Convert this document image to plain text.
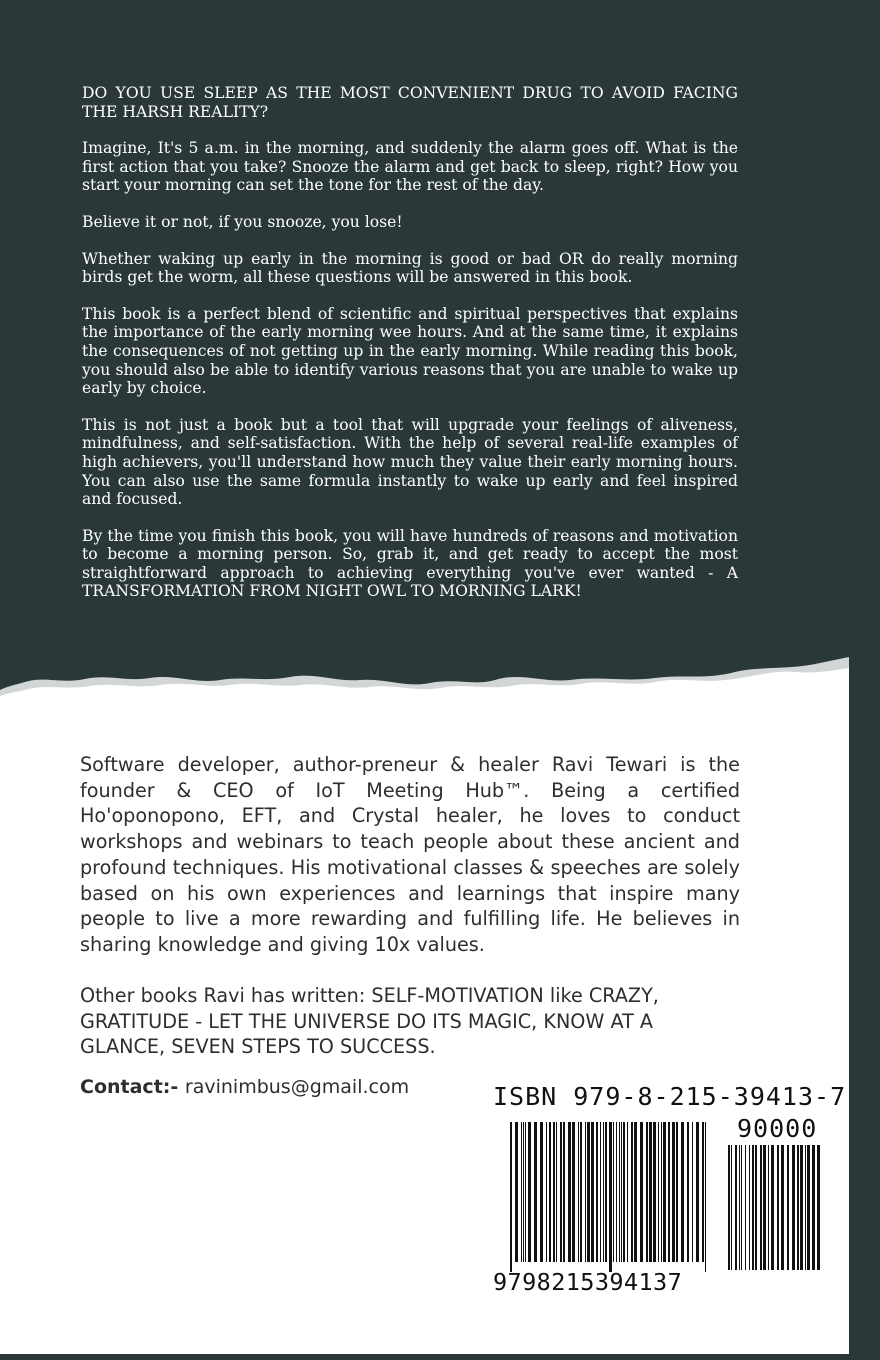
DO YOU USE SLEEP AS THE MOST CONVENIENT DRUG TO AVOID FACING THE HARSH REALITY?

Imagine, It's 5 a.m. in the morning, and suddenly the alarm goes off. What is the first action that you take? Snooze the alarm and get back to sleep, right? How you start your morning can set the tone for the rest of the day.

Believe it or not, if you snooze, you lose!

Whether waking up early in the morning is good or bad OR do really morning birds get the worm, all these questions will be answered in this book.

This book is a perfect blend of scientific and spiritual perspectives that explains the importance of the early morning wee hours. And at the same time, it explains the consequences of not getting up in the early morning. While reading this book, you should also be able to identify various reasons that you are unable to wake up early by choice.

This is not just a book but a tool that will upgrade your feelings of aliveness, mindfulness, and self-satisfaction. With the help of several real-life examples of high achievers, you'll understand how much they value their early morning hours. You can also use the same formula instantly to wake up early and feel inspired and focused.

By the time you finish this book, you will have hundreds of reasons and motivation to become a morning person. So, grab it, and get ready to accept the most straightforward approach to achieving everything you've ever wanted - A TRANSFORMATION FROM NIGHT OWL TO MORNING LARK!

Software developer, author-preneur & healer Ravi Tewari is the founder & CEO of IoT Meeting Hub™. Being a certified Ho'oponopono, EFT, and Crystal healer, he loves to conduct workshops and webinars to teach people about these ancient and profound techniques. His motivational classes & speeches are solely based on his own experiences and learnings that inspire many people to live a more rewarding and fulfilling life. He believes in sharing knowledge and giving 10x values.

Other books Ravi has written: SELF-MOTIVATION like CRAZY, GRATITUDE - LET THE UNIVERSE DO ITS MAGIC, KNOW AT A GLANCE, SEVEN STEPS TO SUCCESS.

Contact:- ravinimbus@gmail.com	ISBN 979-8-215-39413-7
90000
9798215394137
